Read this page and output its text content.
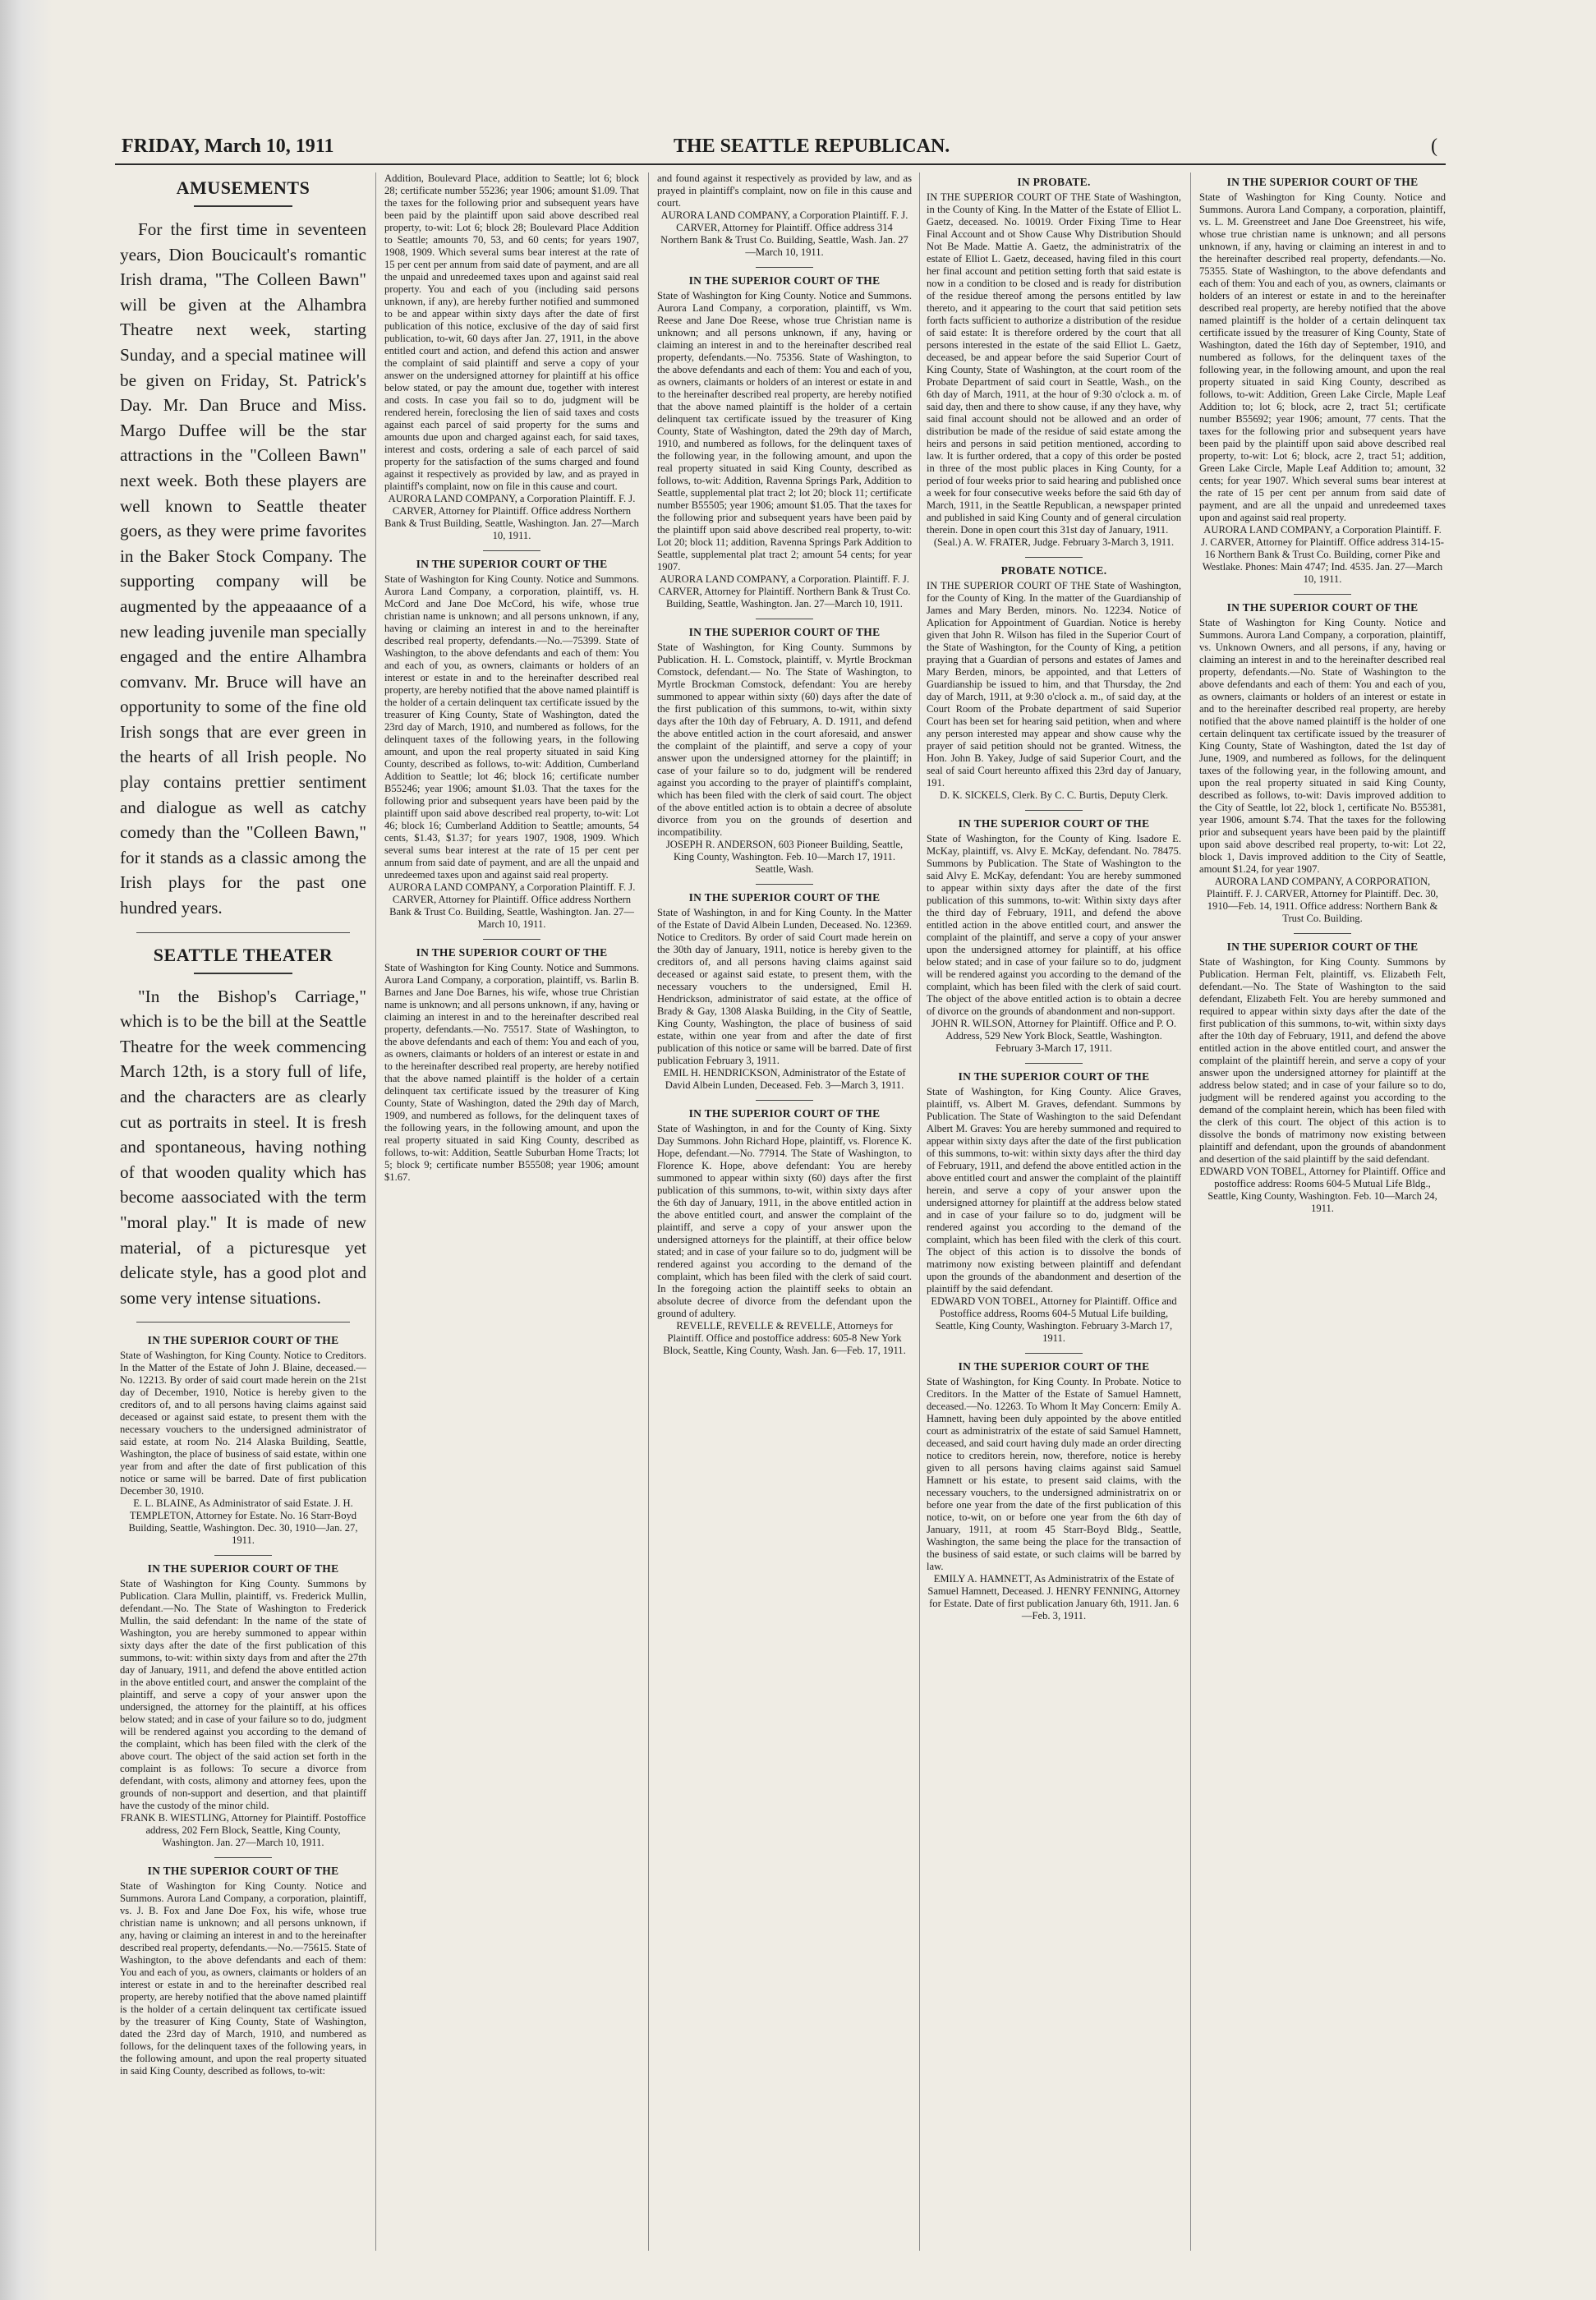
FRIDAY, March 10, 1911	THE SEATTLE REPUBLICAN.	(
AMUSEMENTS

For the first time in seventeen years, Dion Boucicault's romantic Irish drama, "The Colleen Bawn" will be given at the Alhambra Theatre next week, starting Sunday, and a special matinee will be given on Friday, St. Patrick's Day. Mr. Dan Bruce and Miss. Margo Duffee will be the star attractions in the "Colleen Bawn" next week. Both these players are well known to Seattle theater goers, as they were prime favorites in the Baker Stock Company. The supporting company will be augmented by the appeaaance of a new leading juvenile man specially engaged and the entire Alhambra comvanv. Mr. Bruce will have an opportunity to some of the fine old Irish songs that are ever green in the hearts of all Irish people. No play contains prettier sentiment and dialogue as well as catchy comedy than the "Colleen Bawn," for it stands as a classic among the Irish plays for the past one hundred years.

SEATTLE THEATER

"In the Bishop's Carriage," which is to be the bill at the Seattle Theatre for the week commencing March 12th, is a story full of life, and the characters are as clearly cut as portraits in steel. It is fresh and spontaneous, having nothing of that wooden quality which has become aassociated with the term "moral play." It is made of new material, of a picturesque yet delicate style, has a good plot and some very intense situations.

IN THE SUPERIOR COURT OF THE

State of Washington, for King County. Notice to Creditors. In the Matter of the Estate of John J. Blaine, deceased.—No. 12213. By order of said court made herein on the 21st day of December, 1910, Notice is hereby given to the creditors of, and to all persons having claims against said deceased or against said estate, to present them with the necessary vouchers to the undersigned administrator of said estate, at room No. 214 Alaska Building, Seattle, Washington, the place of business of said estate, within one year from and after the date of first publication of this notice or same will be barred. Date of first publication December 30, 1910.
E. L. BLAINE, As Administrator of said Estate. J. H. TEMPLETON, Attorney for Estate. No. 16 Starr-Boyd Building, Seattle, Washington. Dec. 30, 1910—Jan. 27, 1911.

IN THE SUPERIOR COURT OF THE

State of Washington for King County. Summons by Publication. Clara Mullin, plaintiff, vs. Frederick Mullin, defendant.—No. The State of Washington to Frederick Mullin, the said defendant: In the name of the state of Washington, you are hereby summoned to appear within sixty days after the date of the first publication of this summons, to-wit: within sixty days from and after the 27th day of January, 1911, and defend the above entitled action in the above entitled court, and answer the complaint of the plaintiff, and serve a copy of your answer upon the undersigned, the attorney for the plaintiff, at his offices below stated; and in case of your failure so to do, judgment will be rendered against you according to the demand of the complaint, which has been filed with the clerk of the above court. The object of the said action set forth in the complaint is as follows: To secure a divorce from defendant, with costs, alimony and attorney fees, upon the grounds of non-support and desertion, and that plaintiff have the custody of the minor child.
FRANK B. WIESTLING, Attorney for Plaintiff. Postoffice address, 202 Fern Block, Seattle, King County, Washington. Jan. 27—March 10, 1911.

IN THE SUPERIOR COURT OF THE

State of Washington for King County. Notice and Summons. Aurora Land Company, a corporation, plaintiff, vs. J. B. Fox and Jane Doe Fox, his wife, whose true christian name is unknown; and all persons unknown, if any, having or claiming an interest in and to the hereinafter described real property, defendants.—No.—75615. State of Washington, to the above defendants and each of them: You and each of you, as owners, claimants or holders of an interest or estate in and to the hereinafter described real property, are hereby notified that the above named plaintiff is the holder of a certain delinquent tax certificate issued by the treasurer of King County, State of Washington, dated the 23rd day of March, 1910, and numbered as follows, for the delinquent taxes of the following years, in the following amount, and upon the real property situated in said King County, described as follows, to-wit:

Addition, Boulevard Place, addition to Seattle; lot 6; block 28; certificate number 55236; year 1906; amount $1.09. That the taxes for the following prior and subsequent years have been paid by the plaintiff upon said above described real property, to-wit: Lot 6; block 28; Boulevard Place Addition to Seattle; amounts 70, 53, and 60 cents; for years 1907, 1908, 1909. Which several sums bear interest at the rate of 15 per cent per annum from said date of payment, and are all the unpaid and unredeemed taxes upon and against said real property. You and each of you (including said persons unknown, if any), are hereby further notified and summoned to be and appear within sixty days after the date of first publication of this notice, exclusive of the day of said first publication, to-wit, 60 days after Jan. 27, 1911, in the above entitled court and action, and defend this action and answer the complaint of said plaintiff and serve a copy of your answer on the undersigned attorney for plaintiff at his office below stated, or pay the amount due, together with interest and costs. In case you fail so to do, judgment will be rendered herein, foreclosing the lien of said taxes and costs against each parcel of said property for the sums and amounts due upon and charged against each, for said taxes, interest and costs, ordering a sale of each parcel of said property for the satisfaction of the sums charged and found against it respectively as provided by law, and as prayed in plaintiff's complaint, now on file in this cause and court.
AURORA LAND COMPANY, a Corporation Plaintiff. F. J. CARVER, Attorney for Plaintiff. Office address Northern Bank & Trust Building, Seattle, Washington. Jan. 27—March 10, 1911.

IN THE SUPERIOR COURT OF THE

State of Washington for King County. Notice and Summons. Aurora Land Company, a corporation, plaintiff, vs. H. McCord and Jane Doe McCord, his wife, whose true christian name is unknown; and all persons unknown, if any, having or claiming an interest in and to the hereinafter described real property, defendants.—No.—75399. State of Washington, to the above defendants and each of them: You and each of you, as owners, claimants or holders of an interest or estate in and to the hereinafter described real property, are hereby notified that the above named plaintiff is the holder of a certain delinquent tax certificate issued by the treasurer of King County, State of Washington, dated the 23rd day of March, 1910, and numbered as follows, for the delinquent taxes of the following years, in the following amount, and upon the real property situated in said King County, described as follows, to-wit: Addition, Cumberland Addition to Seattle; lot 46; block 16; certificate number B55246; year 1906; amount $1.03. That the taxes for the following prior and subsequent years have been paid by the plaintiff upon said above described real property, to-wit: Lot 46; block 16; Cumberland Addition to Seattle; amounts, 54 cents, $1.43, $1.37; for years 1907, 1908, 1909. Which several sums bear interest at the rate of 15 per cent per annum from said date of payment, and are all the unpaid and unredeemed taxes upon and against said real property.
AURORA LAND COMPANY, a Corporation Plaintiff. F. J. CARVER, Attorney for Plaintiff. Office address Northern Bank & Trust Co. Building, Seattle, Washington. Jan. 27—March 10, 1911.

IN THE SUPERIOR COURT OF THE

State of Washington for King County. Notice and Summons. Aurora Land Company, a corporation, plaintiff, vs. Barlin B. Barnes and Jane Doe Barnes, his wife, whose true Christian name is unknown; and all persons unknown, if any, having or claiming an interest in and to the hereinafter described real property, defendants.—No. 75517. State of Washington, to the above defendants and each of them: You and each of you, as owners, claimants or holders of an interest or estate in and to the hereinafter described real property, are hereby notified that the above named plaintiff is the holder of a certain delinquent tax certificate issued by the treasurer of King County, State of Washington, dated the 29th day of March, 1909, and numbered as follows, for the delinquent taxes of the following years, in the following amount, and upon the real property situated in said King County, described as follows, to-wit: Addition, Seattle Suburban Home Tracts; lot 5; block 9; certificate number B55508; year 1906; amount $1.67.

and found against it respectively as provided by law, and as prayed in plaintiff's complaint, now on file in this cause and court.
AURORA LAND COMPANY, a Corporation Plaintiff. F. J. CARVER, Attorney for Plaintiff. Office address 314 Northern Bank & Trust Co. Building, Seattle, Wash. Jan. 27—March 10, 1911.

IN THE SUPERIOR COURT OF THE

State of Washington for King County. Notice and Summons. Aurora Land Company, a corporation, plaintiff, vs Wm. Reese and Jane Doe Reese, whose true Christian name is unknown; and all persons unknown, if any, having or claiming an interest in and to the hereinafter described real property, defendants.—No. 75356. State of Washington, to the above defendants and each of them: You and each of you, as owners, claimants or holders of an interest or estate in and to the hereinafter described real property, are hereby notified that the above named plaintiff is the holder of a certain delinquent tax certificate issued by the treasurer of King County, State of Washington, dated the 29th day of March, 1910, and numbered as follows, for the delinquent taxes of the following year, in the following amount, and upon the real property situated in said King County, described as follows, to-wit: Addition, Ravenna Springs Park, Addition to Seattle, supplemental plat tract 2; lot 20; block 11; certificate number B55505; year 1906; amount $1.05. That the taxes for the following prior and subsequent years have been paid by the plaintiff upon said above described real property, to-wit: Lot 20; block 11; addition, Ravenna Springs Park Addition to Seattle, supplemental plat tract 2; amount 54 cents; for year 1907.
AURORA LAND COMPANY, a Corporation. Plaintiff. F. J. CARVER, Attorney for Plaintiff. Northern Bank & Trust Co. Building, Seattle, Washington. Jan. 27—March 10, 1911.

IN THE SUPERIOR COURT OF THE

State of Washington, for King County. Summons by Publication. H. L. Comstock, plaintiff, v. Myrtle Brockman Comstock, defendant.— No. The State of Washington, to Myrtle Brockman Comstock, defendant: You are hereby summoned to appear within sixty (60) days after the date of the first publication of this summons, to-wit, within sixty days after the 10th day of February, A. D. 1911, and defend the above entitled action in the court aforesaid, and answer the complaint of the plaintiff, and serve a copy of your answer upon the undersigned attorney for the plaintiff; in case of your failure so to do, judgment will be rendered against you according to the prayer of plaintiff's complaint, which has been filed with the clerk of said court. The object of the above entitled action is to obtain a decree of absolute divorce from you on the grounds of desertion and incompatibility.
JOSEPH R. ANDERSON, 603 Pioneer Building, Seattle, King County, Washington. Feb. 10—March 17, 1911. Seattle, Wash.

IN THE SUPERIOR COURT OF THE

State of Washington, in and for King County. In the Matter of the Estate of David Albein Lunden, Deceased. No. 12369. Notice to Creditors. By order of said Court made herein on the 30th day of January, 1911, notice is hereby given to the creditors of, and all persons having claims against said deceased or against said estate, to present them, with the necessary vouchers to the undersigned, Emil H. Hendrickson, administrator of said estate, at the office of Brady & Gay, 1308 Alaska Building, in the City of Seattle, King County, Washington, the place of business of said estate, within one year from and after the date of first publication of this notice or same will be barred. Date of first publication February 3, 1911.
EMIL H. HENDRICKSON, Administrator of the Estate of David Albein Lunden, Deceased. Feb. 3—March 3, 1911.

IN THE SUPERIOR COURT OF THE

State of Washington, in and for the County of King. Sixty Day Summons. John Richard Hope, plaintiff, vs. Florence K. Hope, defendant.—No. 77914. The State of Washington, to Florence K. Hope, above defendant: You are hereby summoned to appear within sixty (60) days after the first publication of this summons, to-wit, within sixty days after the 6th day of January, 1911, in the above entitled action in the above entitled court, and answer the complaint of the plaintiff, and serve a copy of your answer upon the undersigned attorneys for the plaintiff, at their office below stated; and in case of your failure so to do, judgment will be rendered against you according to the demand of the complaint, which has been filed with the clerk of said court. In the foregoing action the plaintiff seeks to obtain an absolute decree of divorce from the defendant upon the ground of adultery.
REVELLE, REVELLE & REVELLE, Attorneys for Plaintiff. Office and postoffice address: 605-8 New York Block, Seattle, King County, Wash. Jan. 6—Feb. 17, 1911.

IN PROBATE.

IN THE SUPERIOR COURT OF THE State of Washington, in the County of King. In the Matter of the Estate of Elliot L. Gaetz, deceased. No. 10019. Order Fixing Time to Hear Final Account and ot Show Cause Why Distribution Should Not Be Made. Mattie A. Gaetz, the administratrix of the estate of Elliot L. Gaetz, deceased, having filed in this court her final account and petition setting forth that said estate is now in a condition to be closed and is ready for distribution of the residue thereof among the persons entitled by law thereto, and it appearing to the court that said petition sets forth facts sufficient to authorize a distribution of the residue of said estate: It is therefore ordered by the court that all persons interested in the estate of the said Elliot L. Gaetz, deceased, be and appear before the said Superior Court of King County, State of Washington, at the court room of the Probate Department of said court in Seattle, Wash., on the 6th day of March, 1911, at the hour of 9:30 o'clock a. m. of said day, then and there to show cause, if any they have, why said final account should not be allowed and an order of distribution be made of the residue of said estate among the heirs and persons in said petition mentioned, according to law. It is further ordered, that a copy of this order be posted in three of the most public places in King County, for a period of four weeks prior to said hearing and published once a week for four consecutive weeks before the said 6th day of March, 1911, in the Seattle Republican, a newspaper printed and published in said King County and of general circulation therein. Done in open court this 31st day of January, 1911.
(Seal.) A. W. FRATER, Judge. February 3-March 3, 1911.

PROBATE NOTICE.

IN THE SUPERIOR COURT OF THE State of Washington, for the County of King. In the matter of the Guardianship of James and Mary Berden, minors. No. 12234. Notice of Aplication for Appointment of Guardian. Notice is hereby given that John R. Wilson has filed in the Superior Court of the State of Washington, for the County of King, a petition praying that a Guardian of persons and estates of James and Mary Berden, minors, be appointed, and that Letters of Guardianship be issued to him, and that Thursday, the 2nd day of March, 1911, at 9:30 o'clock a. m., of said day, at the Court Room of the Probate department of said Superior Court has been set for hearing said petition, when and where any person interested may appear and show cause why the prayer of said petition should not be granted. Witness, the Hon. John B. Yakey, Judge of said Superior Court, and the seal of said Court hereunto affixed this 23rd day of January, 191.
D. K. SICKELS, Clerk. By C. C. Burtis, Deputy Clerk.

IN THE SUPERIOR COURT OF THE

State of Washington, for the County of King. Isadore E. McKay, plaintiff, vs. Alvy E. McKay, defendant. No. 78475. Summons by Publication. The State of Washington to the said Alvy E. McKay, defendant: You are hereby summoned to appear within sixty days after the date of the first publication of this summons, to-wit: Within sixty days after the third day of February, 1911, and defend the above entitled action in the above entitled court, and answer the complaint of the plaintiff, and serve a copy of your answer upon the undersigned attorney for plaintiff, at his office below stated; and in case of your failure so to do, judgment will be rendered against you according to the demand of the complaint, which has been filed with the clerk of said court. The object of the above entitled action is to obtain a decree of divorce on the grounds of abandonment and non-support.
JOHN R. WILSON, Attorney for Plaintiff. Office and P. O. Address, 529 New York Block, Seattle, Washington. February 3-March 17, 1911.

IN THE SUPERIOR COURT OF THE

State of Washington, for King County. Alice Graves, plaintiff, vs. Albert M. Graves, defendant. Summons by Publication. The State of Washington to the said Defendant Albert M. Graves: You are hereby summoned and required to appear within sixty days after the date of the first publication of this summons, to-wit: within sixty days after the third day of February, 1911, and defend the above entitled action in the above entitled court and answer the complaint of the plaintiff herein, and serve a copy of your answer upon the undersigned attorney for plaintiff at the address below stated and in case of your failure so to do, judgment will be rendered against you according to the demand of the complaint, which has been filed with the clerk of this court. The object of this action is to dissolve the bonds of matrimony now existing between plaintiff and defendant upon the grounds of the abandonment and desertion of the plaintiff by the said defendant.
EDWARD VON TOBEL, Attorney for Plaintiff. Office and Postoffice address, Rooms 604-5 Mutual Life building, Seattle, King County, Washington. February 3-March 17, 1911.

IN THE SUPERIOR COURT OF THE

State of Washington, for King County. In Probate. Notice to Creditors. In the Matter of the Estate of Samuel Hamnett, deceased.—No. 12263. To Whom It May Concern: Emily A. Hamnett, having been duly appointed by the above entitled court as administratrix of the estate of said Samuel Hamnett, deceased, and said court having duly made an order directing notice to creditors herein, now, therefore, notice is hereby given to all persons having claims against said Samuel Hamnett or his estate, to present said claims, with the necessary vouchers, to the undersigned administratrix on or before one year from the date of the first publication of this notice, to-wit, on or before one year from the 6th day of January, 1911, at room 45 Starr-Boyd Bldg., Seattle, Washington, the same being the place for the transaction of the business of said estate, or such claims will be barred by law.
EMILY A. HAMNETT, As Administratrix of the Estate of Samuel Hamnett, Deceased. J. HENRY FENNING, Attorney for Estate. Date of first publication January 6th, 1911. Jan. 6—Feb. 3, 1911.

IN THE SUPERIOR COURT OF THE

State of Washington for King County. Notice and Summons. Aurora Land Company, a corporation, plaintiff, vs. L. M. Greenstreet and Jane Doe Greenstreet, his wife, whose true christian name is unknown; and all persons unknown, if any, having or claiming an interest in and to the hereinafter described real property, defendants.—No. 75355. State of Washington, to the above defendants and each of them: You and each of you, as owners, claimants or holders of an interest or estate in and to the hereinafter described real property, are hereby notified that the above named plaintiff is the holder of a certain delinquent tax certificate issued by the treasurer of King County, State of Washington, dated the 16th day of September, 1910, and numbered as follows, for the delinquent taxes of the following year, in the following amount, and upon the real property situated in said King County, described as follows, to-wit: Addition, Green Lake Circle, Maple Leaf Addition to; lot 6; block, acre 2, tract 51; certificate number B55692; year 1906; amount, 77 cents. That the taxes for the following prior and subsequent years have been paid by the plaintiff upon said above described real property, to-wit: Lot 6; block, acre 2, tract 51; addition, Green Lake Circle, Maple Leaf Addition to; amount, 32 cents; for year 1907. Which several sums bear interest at the rate of 15 per cent per annum from said date of payment, and are all the unpaid and unredeemed taxes upon and against said real property.
AURORA LAND COMPANY, a Corporation Plaintiff. F. J. CARVER, Attorney for Plaintiff. Office address 314-15-16 Northern Bank & Trust Co. Building, corner Pike and Westlake. Phones: Main 4747; Ind. 4535. Jan. 27—March 10, 1911.

IN THE SUPERIOR COURT OF THE

State of Washington for King County. Notice and Summons. Aurora Land Company, a corporation, plaintiff, vs. Unknown Owners, and all persons, if any, having or claiming an interest in and to the hereinafter described real property, defendants.—No. State of Washington to the above defendants and each of them: You and each of you, as owners, claimants or holders of an interest or estate in and to the hereinafter described real property, are hereby notified that the above named plaintiff is the holder of one certain delinquent tax certificate issued by the treasurer of King County, State of Washington, dated the 1st day of June, 1909, and numbered as follows, for the delinquent taxes of the following year, in the following amount, and upon the real property situated in said King County, described as follows, to-wit: Davis improved addition to the City of Seattle, lot 22, block 1, certificate No. B55381, year 1906, amount $.74. That the taxes for the following prior and subsequent years have been paid by the plaintiff upon said above described real property, to-wit: Lot 22, block 1, Davis improved addition to the City of Seattle, amount $1.24, for year 1907.
AURORA LAND COMPANY, A CORPORATION, Plaintiff. F. J. CARVER, Attorney for Plaintiff. Dec. 30, 1910—Feb. 14, 1911. Office address: Northern Bank & Trust Co. Building.

IN THE SUPERIOR COURT OF THE

State of Washington, for King County. Summons by Publication. Herman Felt, plaintiff, vs. Elizabeth Felt, defendant.—No. The State of Washington to the said defendant, Elizabeth Felt. You are hereby summoned and required to appear within sixty days after the date of the first publication of this summons, to-wit, within sixty days after the 10th day of February, 1911, and defend the above entitled action in the above entitled court, and answer the complaint of the plaintiff herein, and serve a copy of your answer upon the undersigned attorney for plaintiff at the address below stated; and in case of your failure so to do, judgment will be rendered against you according to the demand of the complaint herein, which has been filed with the clerk of this court. The object of this action is to dissolve the bonds of matrimony now existing between plaintiff and defendant, upon the grounds of abandonment and desertion of the said plaintiff by the said defendant.
EDWARD VON TOBEL, Attorney for Plaintiff. Office and postoffice address: Rooms 604-5 Mutual Life Bldg., Seattle, King County, Washington. Feb. 10—March 24, 1911.
